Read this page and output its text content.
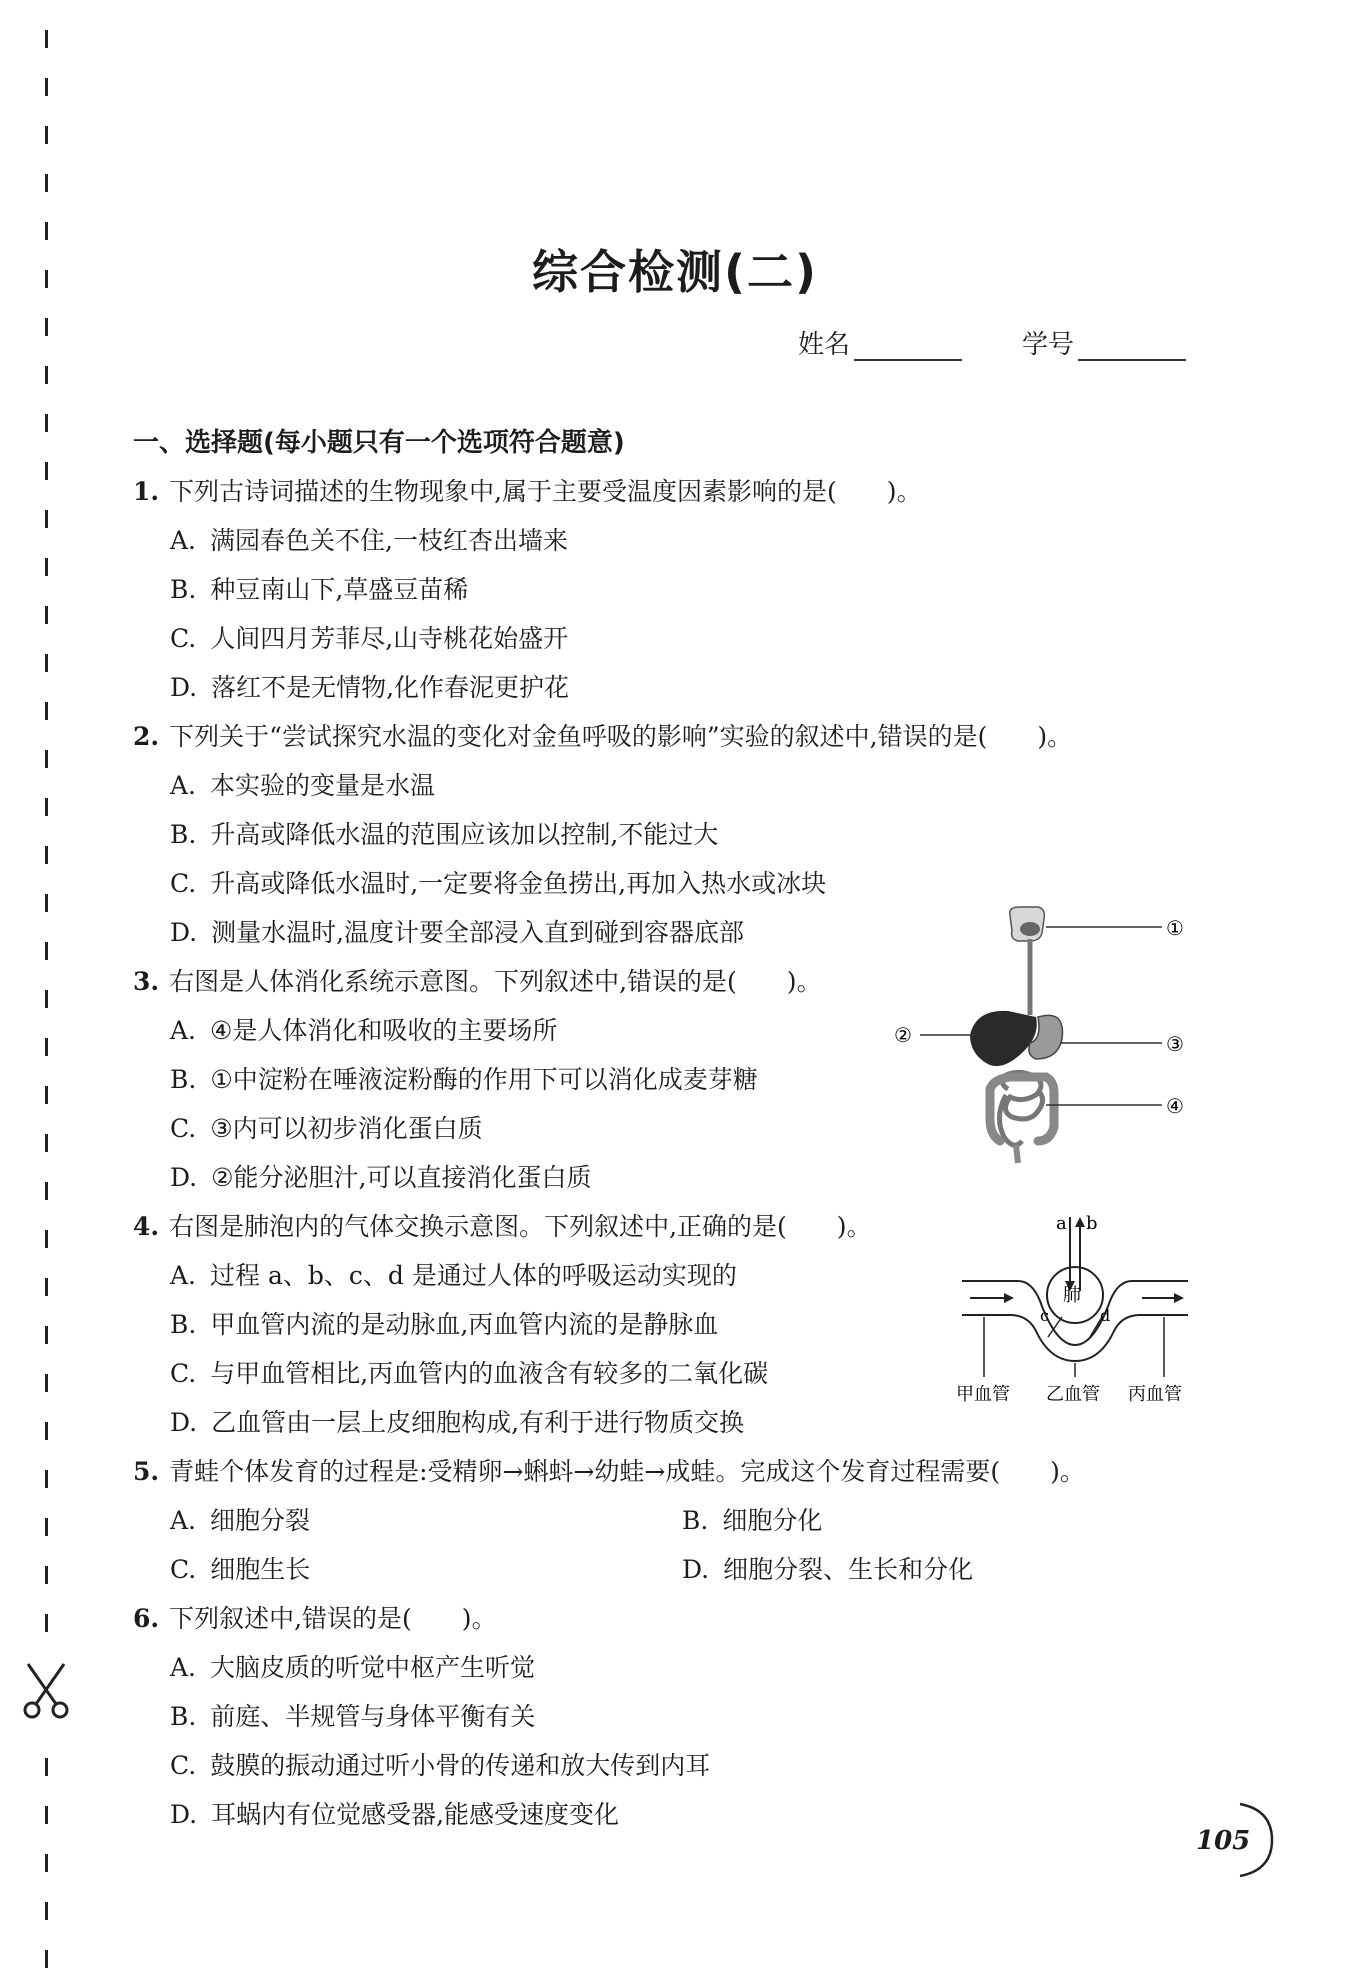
综合检测(二)
姓名	学号
一、选择题(每小题只有一个选项符合题意)
1. 下列古诗词描述的生物现象中,属于主要受温度因素影响的是(　　)。
A. 满园春色关不住,一枝红杏出墙来
B. 种豆南山下,草盛豆苗稀
C. 人间四月芳菲尽,山寺桃花始盛开
D. 落红不是无情物,化作春泥更护花
2. 下列关于“尝试探究水温的变化对金鱼呼吸的影响”实验的叙述中,错误的是(　　)。
A. 本实验的变量是水温
B. 升高或降低水温的范围应该加以控制,不能过大
C. 升高或降低水温时,一定要将金鱼捞出,再加入热水或冰块
D. 测量水温时,温度计要全部浸入直到碰到容器底部
3. 右图是人体消化系统示意图。下列叙述中,错误的是(　　)。
A. ④是人体消化和吸收的主要场所
B. ①中淀粉在唾液淀粉酶的作用下可以消化成麦芽糖
C. ③内可以初步消化蛋白质
D. ②能分泌胆汁,可以直接消化蛋白质
4. 右图是肺泡内的气体交换示意图。下列叙述中,正确的是(　　)。
A. 过程 a、b、c、d 是通过人体的呼吸运动实现的
B. 甲血管内流的是动脉血,丙血管内流的是静脉血
C. 与甲血管相比,丙血管内的血液含有较多的二氧化碳
D. 乙血管由一层上皮细胞构成,有利于进行物质交换
5. 青蛙个体发育的过程是:受精卵→蝌蚪→幼蛙→成蛙。完成这个发育过程需要(　　)。
A. 细胞分裂	B. 细胞分化
C. 细胞生长	D. 细胞分裂、生长和分化
6. 下列叙述中,错误的是(　　)。
A. 大脑皮质的听觉中枢产生听觉
B. 前庭、半规管与身体平衡有关
C. 鼓膜的振动通过听小骨的传递和放大传到内耳
D. 耳蜗内有位觉感受器,能感受速度变化
①
②	③
④
a b
肺
c	d
甲血管 乙血管 丙血管
105
